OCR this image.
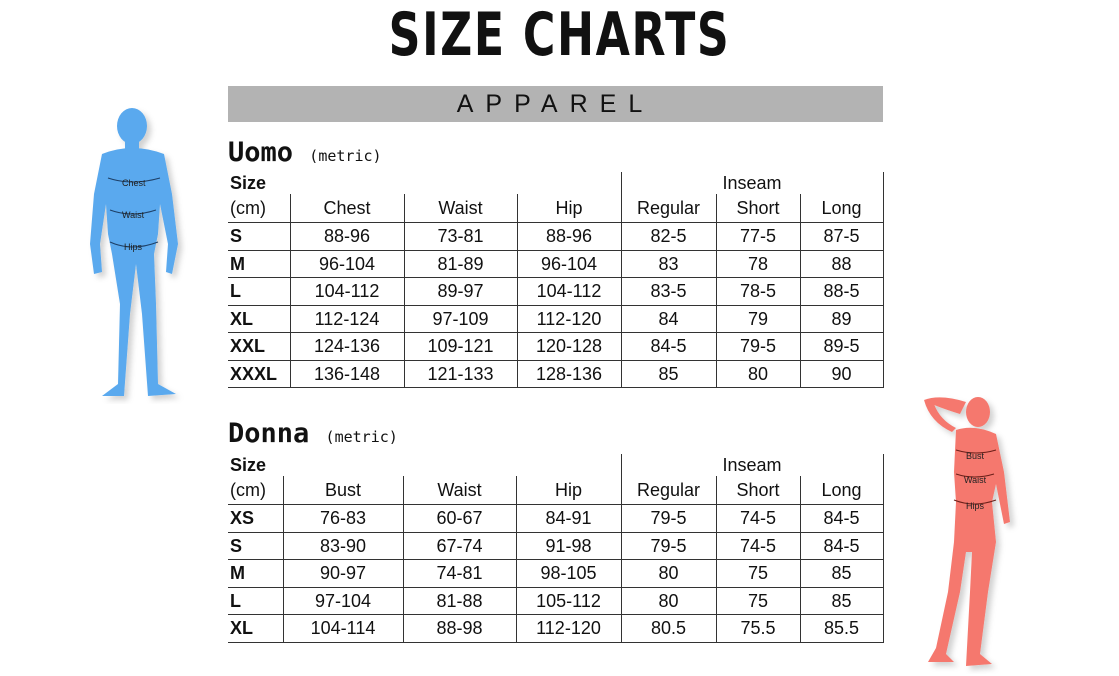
SIZE CHARTS
APPAREL
Uomo (metric)
Size				Inseam			
(cm)	Chest	Waist	Hip	Regular	Short	Long	
S	88-96	73-81	88-96	82-5	77-5	87-5	
M	96-104	81-89	96-104	83	78	88	
L	104-112	89-97	104-112	83-5	78-5	88-5	
XL	112-124	97-109	112-120	84	79	89	
XXL	124-136	109-121	120-128	84-5	79-5	89-5	
XXXL	136-148	121-133	128-136	85	80	90	
Donna (metric)
Size				Inseam			
(cm)	Bust	Waist	Hip	Regular	Short	Long	
XS	76-83	60-67	84-91	79-5	74-5	84-5	
S	83-90	67-74	91-98	79-5	74-5	84-5	
M	90-97	74-81	98-105	80	75	85	
L	97-104	81-88	105-112	80	75	85	
XL	104-114	88-98	112-120	80.5	75.5	85.5	
Chest
Waist
Hips
Bust
Waist
Hips
